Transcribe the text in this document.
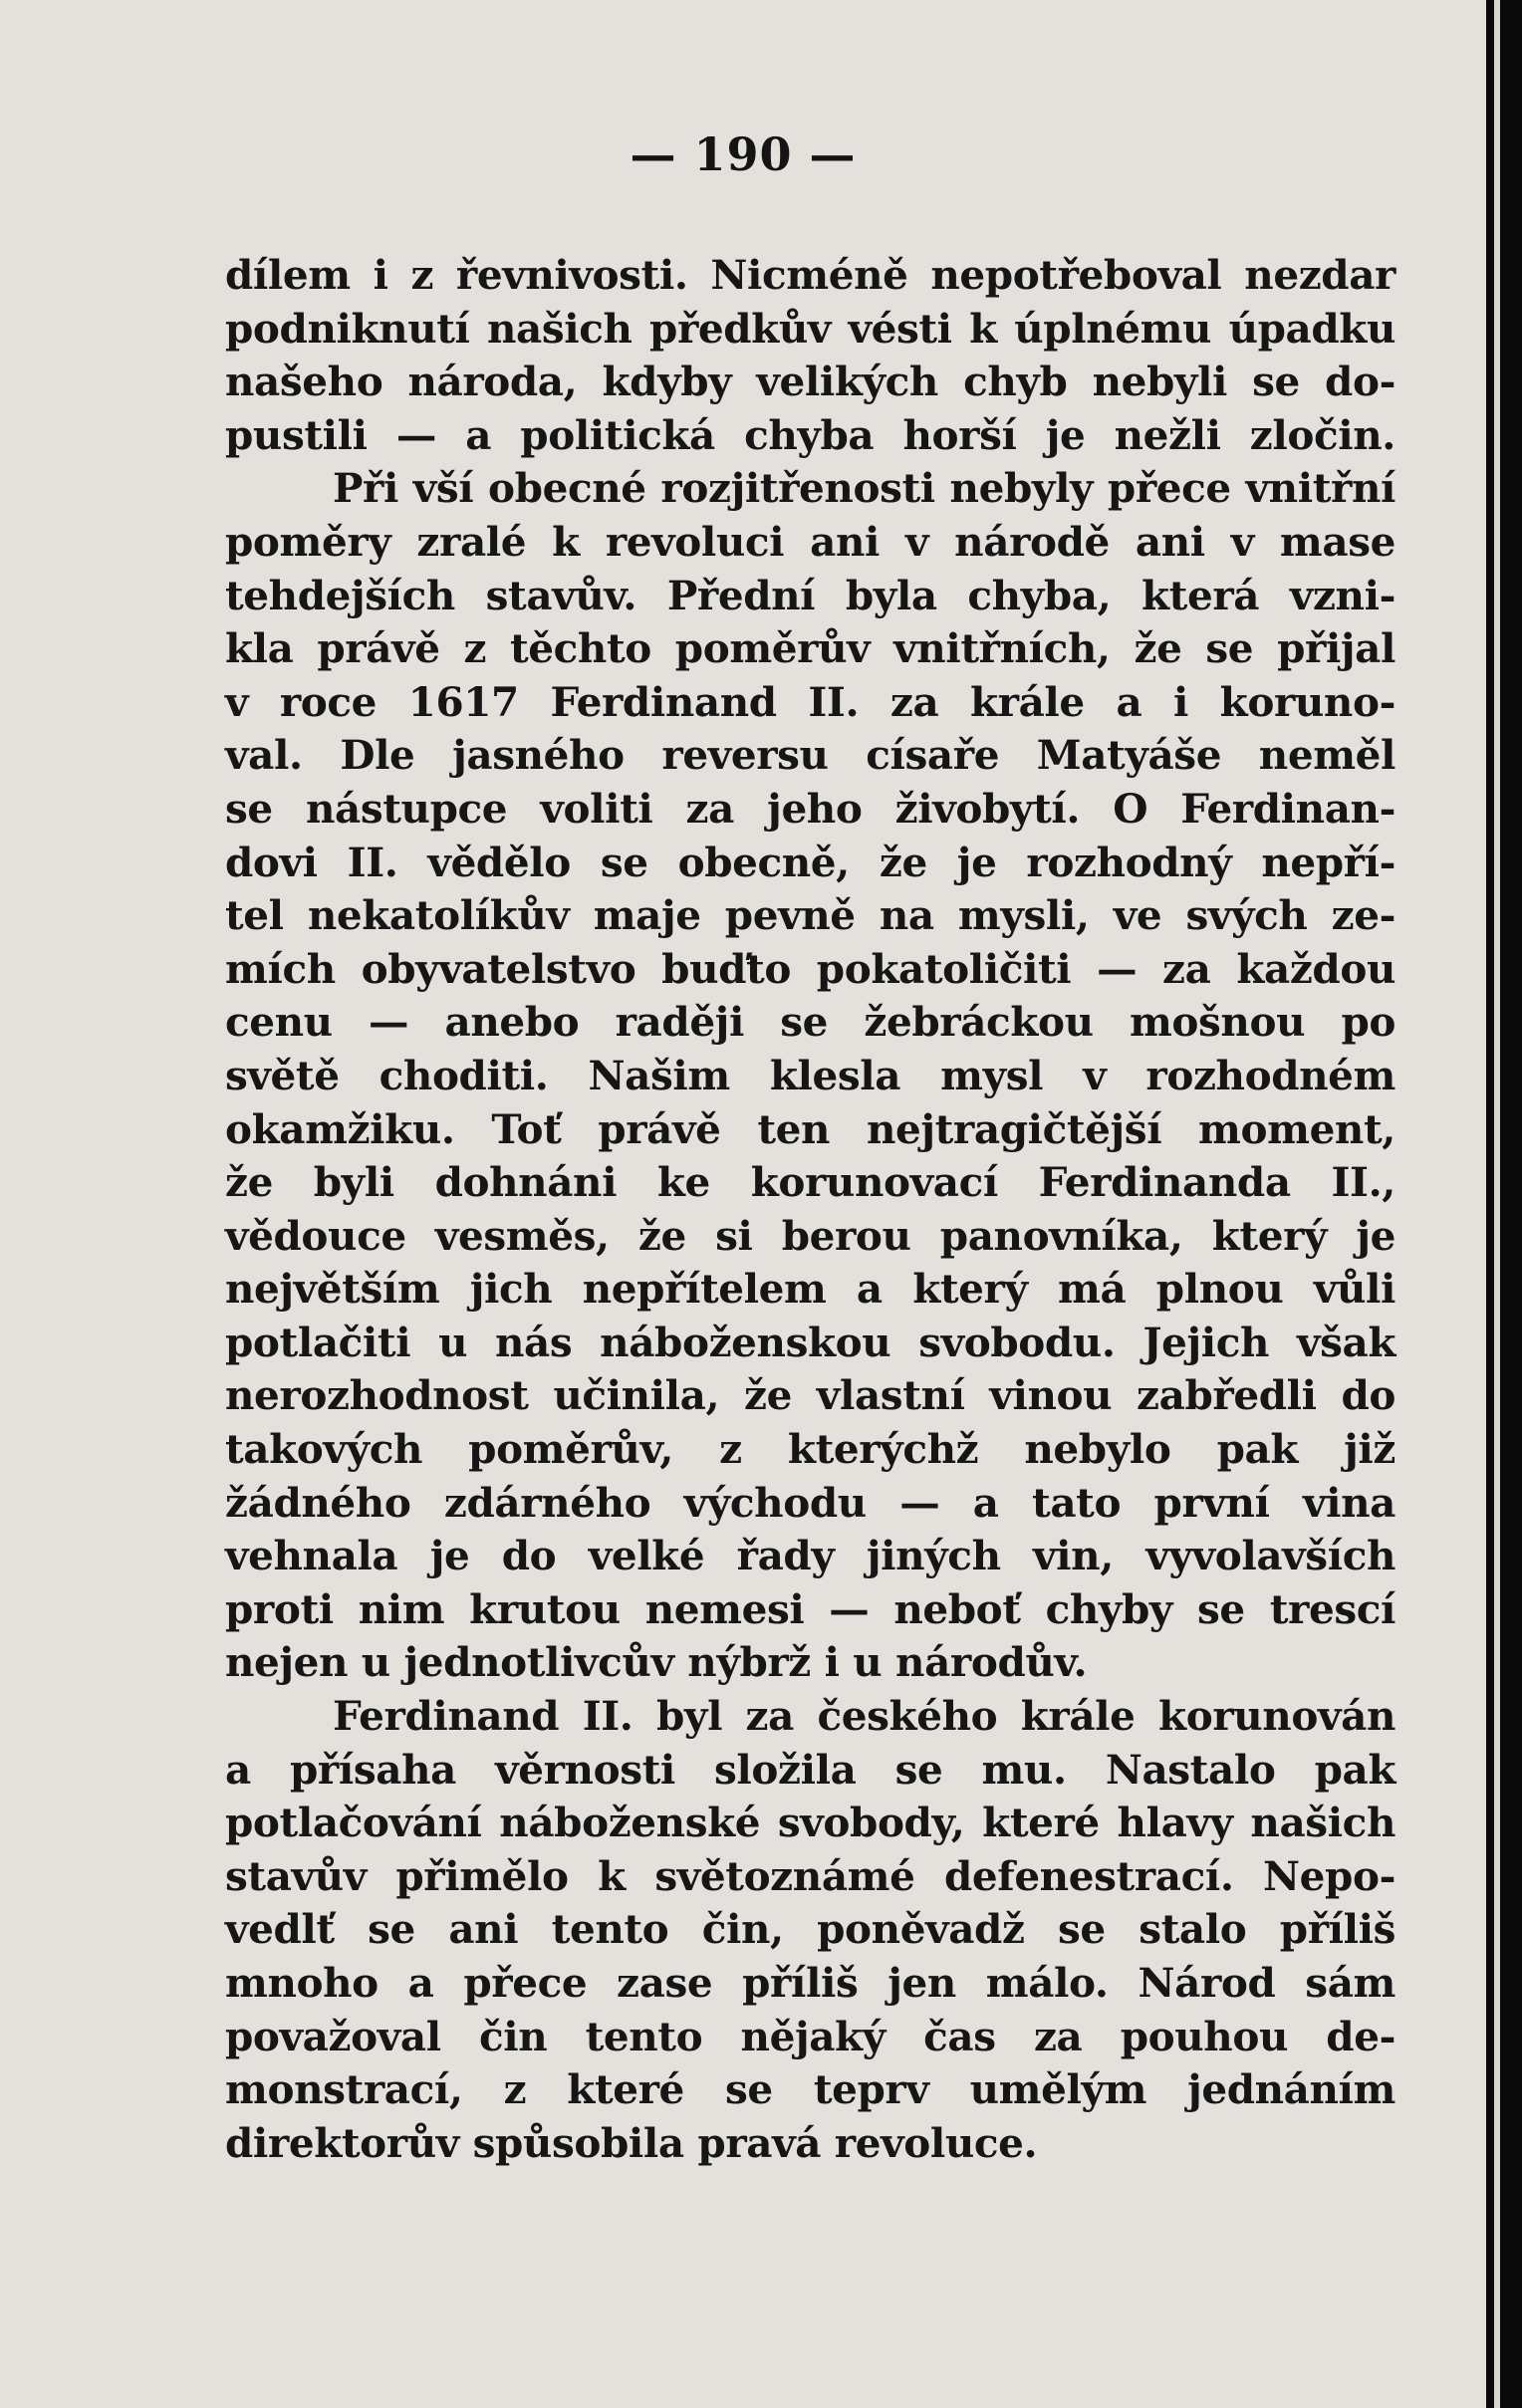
— 190 —
dílem i z řevnivosti. Nicméně nepotřeboval nezdar
podniknutí našich předkův vésti k úplnému úpadku
našeho národa, kdyby velikých chyb nebyli se do-
pustili — a politická chyba horší je nežli zločin.
Při vší obecné rozjitřenosti nebyly přece vnitřní
poměry zralé k revoluci ani v národě ani v mase
tehdejších stavův. Přední byla chyba, která vzni-
kla právě z těchto poměrův vnitřních, že se přijal
v roce 1617 Ferdinand II. za krále a i koruno-
val. Dle jasného reversu císaře Matyáše neměl
se nástupce voliti za jeho živobytí. O Ferdinan-
dovi II. vědělo se obecně, že je rozhodný nepří-
tel nekatolíkův maje pevně na mysli, ve svých ze-
mích obyvatelstvo buďto pokatoličiti — za každou
cenu — anebo raději se žebráckou mošnou po
světě choditi. Našim klesla mysl v rozhodném
okamžiku. Toť právě ten nejtragičtější moment,
že byli dohnáni ke korunovací Ferdinanda II.,
vědouce vesměs, že si berou panovníka, který je
největším jich nepřítelem a který má plnou vůli
potlačiti u nás náboženskou svobodu. Jejich však
nerozhodnost učinila, že vlastní vinou zabředli do
takových poměrův, z kterýchž nebylo pak již
žádného zdárného východu — a tato první vina
vehnala je do velké řady jiných vin, vyvolavších
proti nim krutou nemesi — neboť chyby se trescí
nejen u jednotlivcův nýbrž i u národův.
Ferdinand II. byl za českého krále korunován
a přísaha věrnosti složila se mu. Nastalo pak
potlačování náboženské svobody, které hlavy našich
stavův přimělo k světoznámé defenestrací. Nepo-
vedlť se ani tento čin, poněvadž se stalo příliš
mnoho a přece zase příliš jen málo. Národ sám
považoval čin tento nějaký čas za pouhou de-
monstrací, z které se teprv umělým jednáním
direktorův spůsobila pravá revoluce.
